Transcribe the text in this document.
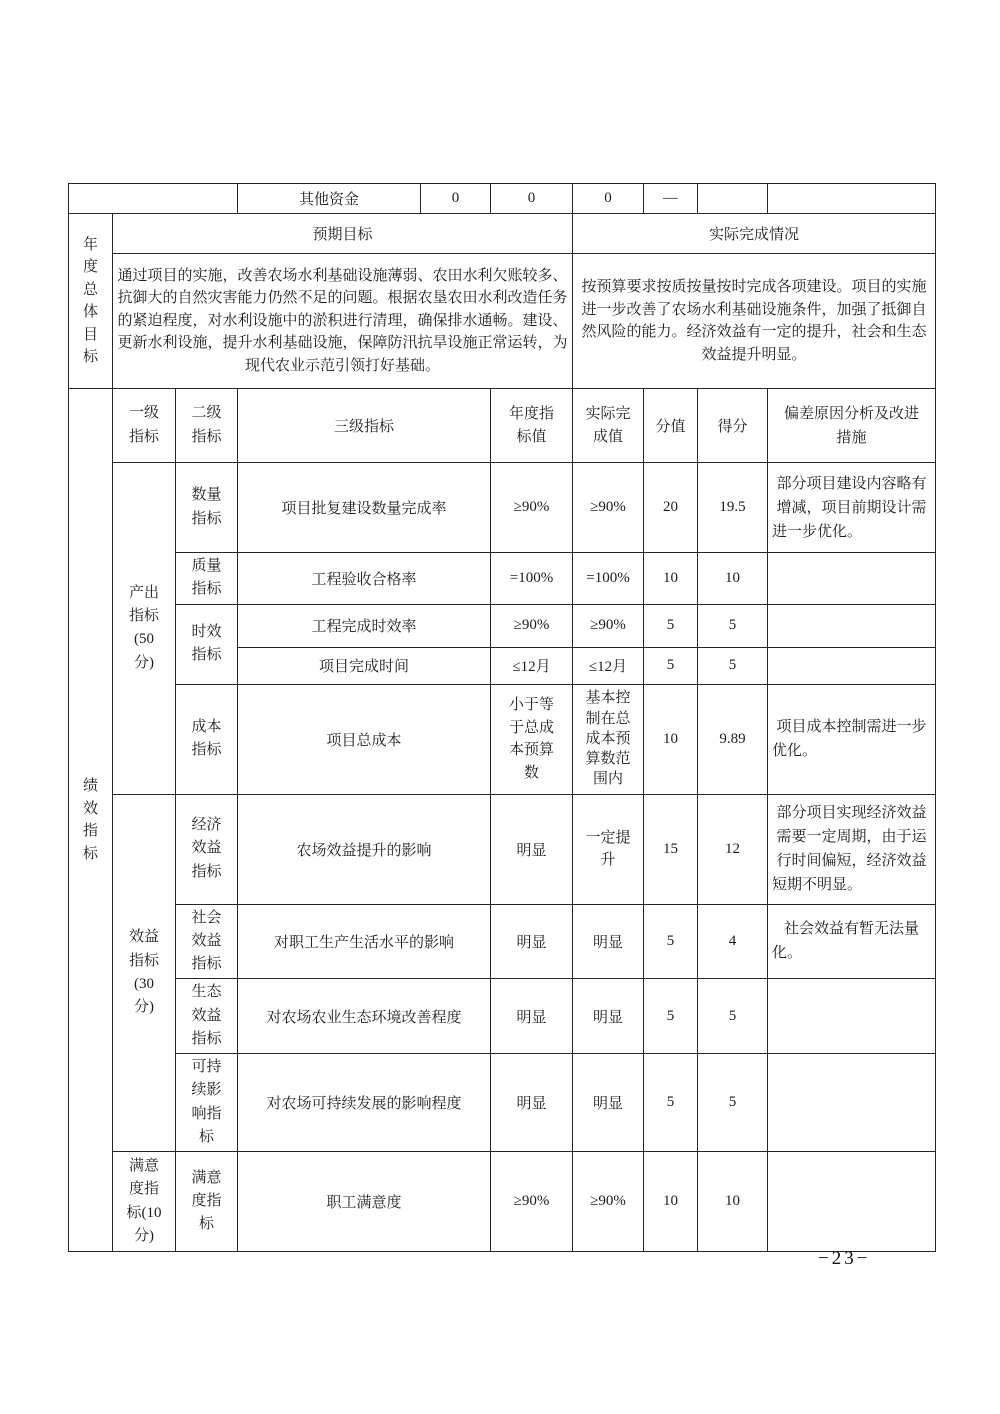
			其他资金	0	0	0	—		

年度总体目标	预期目标					实际完成情况			
	通过项目的实施，改善农场水利基础设施薄弱、农田水利欠账较多、抗御大的自然灾害能力仍然不足的问题。根据农垦农田水利改造任务的紧迫程度，对水利设施中的淤积进行清理，确保排水通畅。建设、更新水利设施，提升水利基础设施，保障防汛抗旱设施正常运转，为现代农业示范引领打好基础。					按预算要求按质按量按时完成各项建设。项目的实施进一步改善了农场水利基础设施条件，加强了抵御自然风险的能力。经济效益有一定的提升，社会和生态效益提升明显。			

绩效指标	一级指标	二级指标	三级指标		年度指标值	实际完成值	分值	得分	偏差原因分析及改进措施

	产出指标(50分)	数量指标	项目批复建设数量完成率		≥90%	≥90%	20	19.5	部分项目建设内容略有增减，项目前期设计需进一步优化。

		质量指标	工程验收合格率		=100%	=100%	10	10	

		时效指标	工程完成时效率		≥90%	≥90%	5	5	
			项目完成时间		≤12月	≤12月	5	5	

		成本指标	项目总成本		小于等于总成本预算数	基本控制在总成本预算数范围内	10	9.89	项目成本控制需进一步优化。

	效益指标(30分)	经济效益指标	农场效益提升的影响		明显	一定提升	15	12	部分项目实现经济效益需要一定周期，由于运行时间偏短，经济效益短期不明显。

		社会效益指标	对职工生产生活水平的影响		明显	明显	5	4	社会效益有暂无法量化。

		生态效益指标	对农场农业生态环境改善程度		明显	明显	5	5	

		可持续影响指标	对农场可持续发展的影响程度		明显	明显	5	5	

	满意度指标(10分)	满意度指标	职工满意度		≥90%	≥90%	10	10	
−23−
